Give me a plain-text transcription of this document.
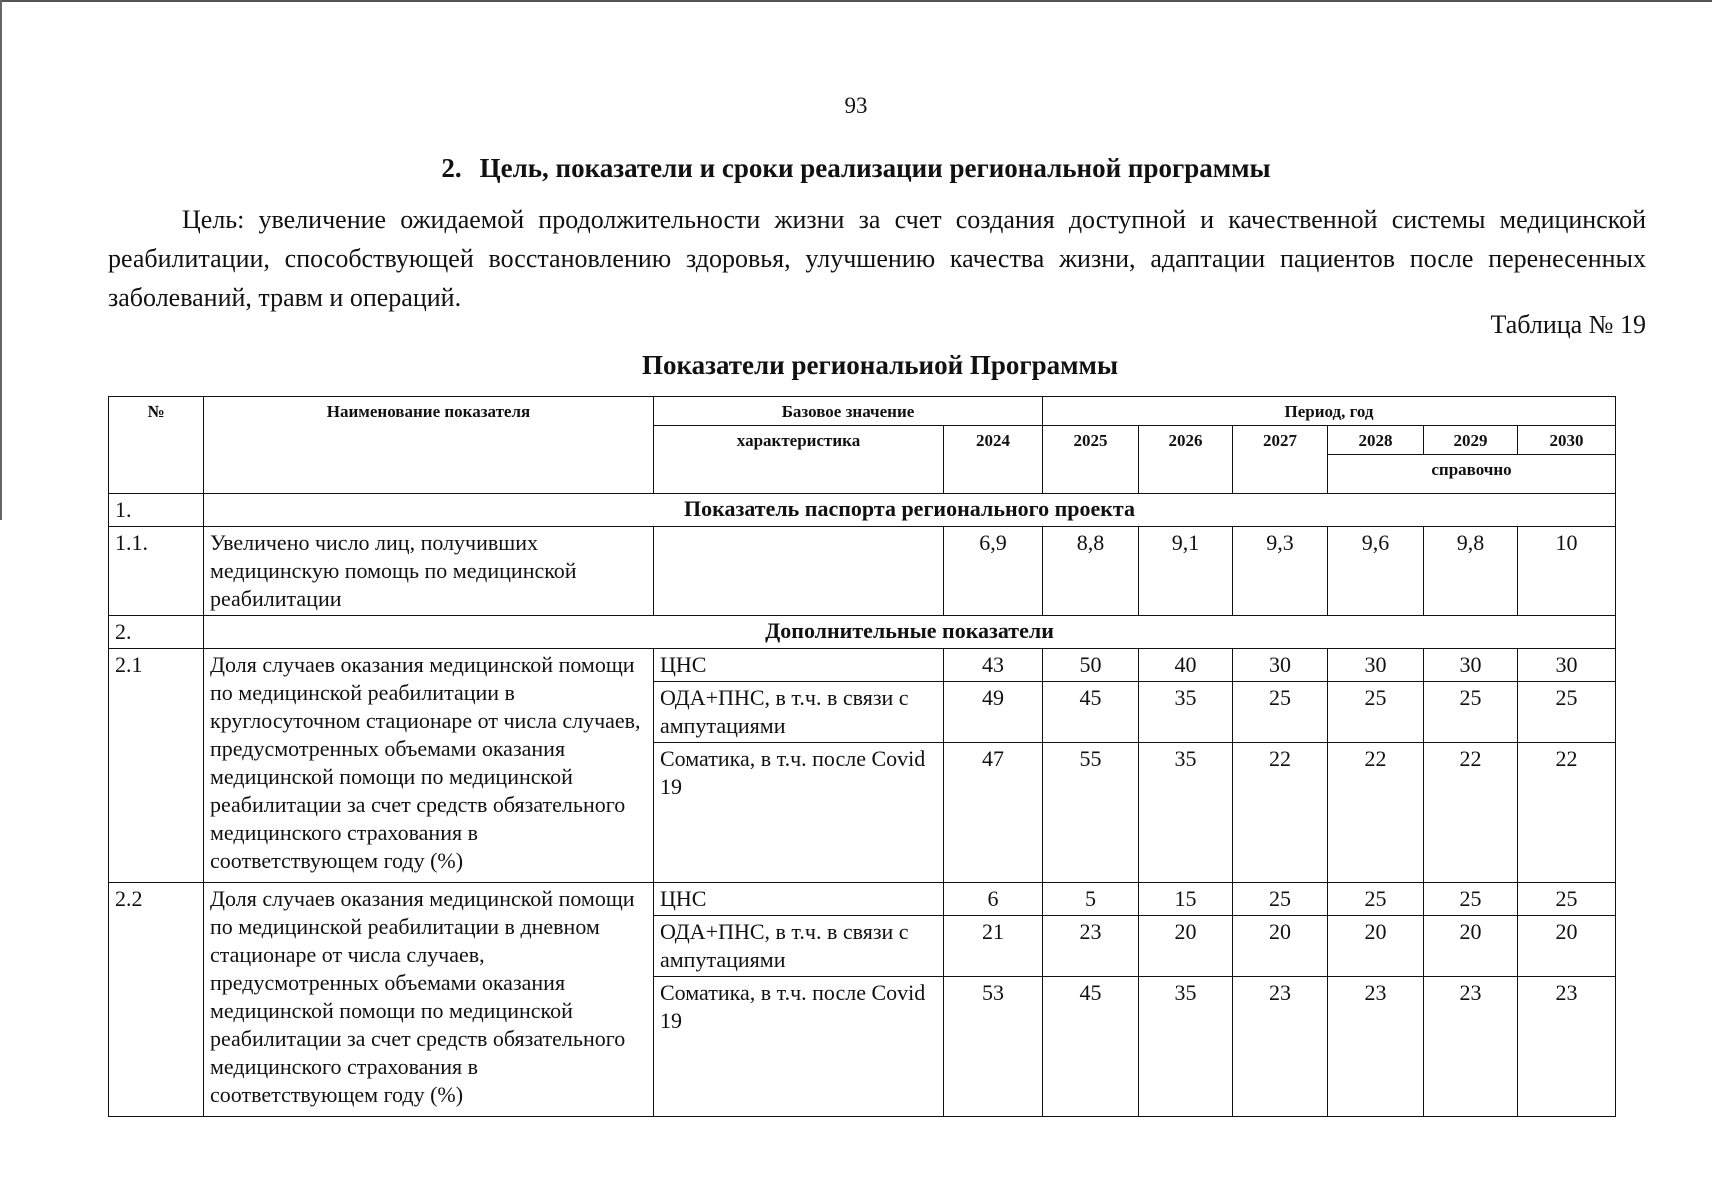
93
2. Цель, показатели и сроки реализации региональной программы

Цель: увеличение ожидаемой продолжительности жизни за счет создания доступной и качественной системы медицинской реабилитации, способствующей восстановлению здоровья, улучшению качества жизни, адаптации пациентов после перенесенных заболеваний, травм и операций.

Таблица № 19
Показатели региональиой Программы
№	Наименование показателя	Базовое значение		Период, год					
		характеристика	2024	2025	2026	2027	2028	2029	2030
							справочно		
1.	Показатель паспорта регионального проекта								
1.1.	Увеличено число лиц, получивших медицинскую помощь по медицинской реабилитации		6,9	8,8	9,1	9,3	9,6	9,8	10
2.	Дополнительные показатели								
2.1	Доля случаев оказания медицинской помощи по медицинской реабилитации в круглосуточном стационаре от числа случаев, предусмотренных объемами оказания медицинской помощи по медицинской реабилитации за счет средств обязательного медицинского страхования в соответствующем году (%)	ЦНС	43	50	40	30	30	30	30
		ОДА+ПНС, в т.ч. в связи с ампутациями	49	45	35	25	25	25	25
		Соматика, в т.ч. после Covid 19	47	55	35	22	22	22	22
2.2	Доля случаев оказания медицинской помощи по медицинской реабилитации в дневном стационаре от числа случаев, предусмотренных объемами оказания медицинской помощи по медицинской реабилитации за счет средств обязательного медицинского страхования в соответствующем году (%)	ЦНС	6	5	15	25	25	25	25
		ОДА+ПНС, в т.ч. в связи с ампутациями	21	23	20	20	20	20	20
		Соматика, в т.ч. после Covid 19	53	45	35	23	23	23	23
